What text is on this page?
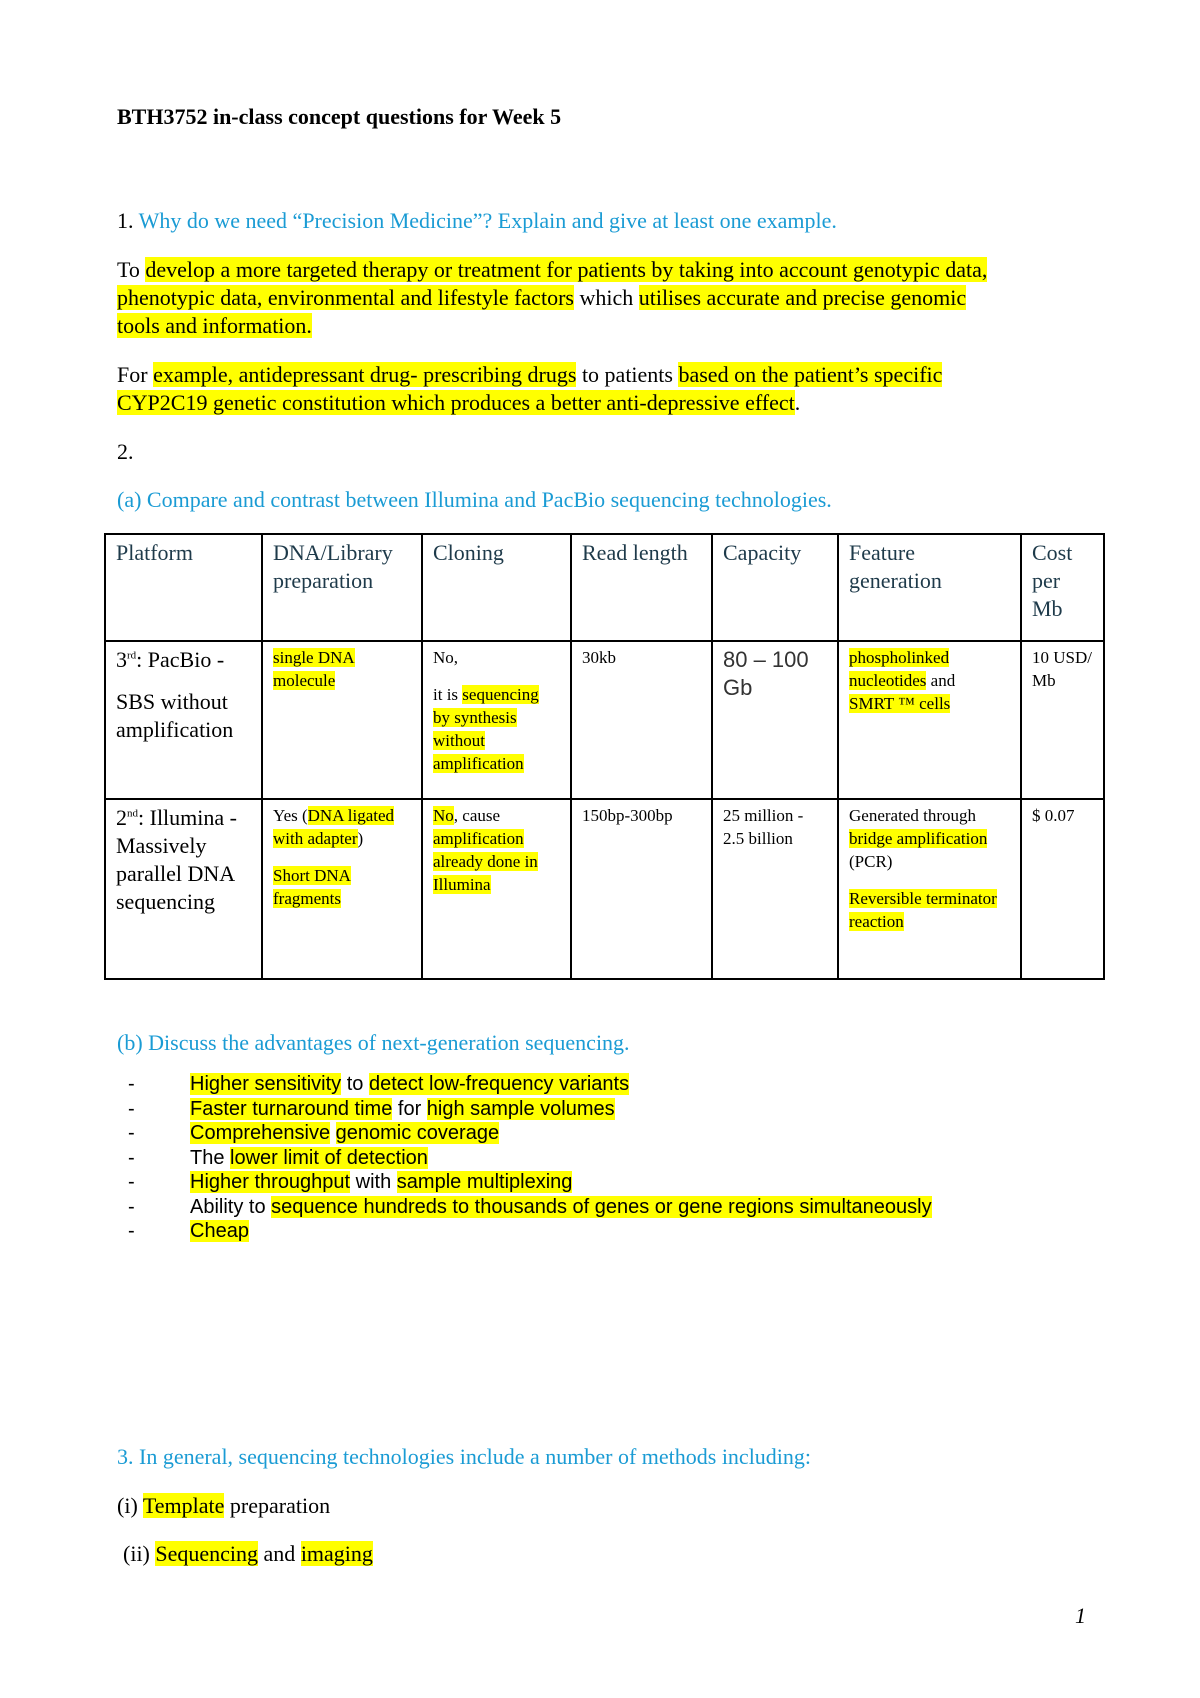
BTH3752 in-class concept questions for Week 5
1. Why do we need “Precision Medicine”? Explain and give at least one example.
To develop a more targeted therapy or treatment for patients by taking into account genotypic data,
phenotypic data, environmental and lifestyle factors which utilises accurate and precise genomic
tools and information.
For example, antidepressant drug- prescribing drugs to patients based on the patient’s specific
CYP2C19 genetic constitution which produces a better anti-depressive effect.
2.
(a) Compare and contrast between Illumina and PacBio sequencing technologies.
Platform	DNA/Library preparation	Cloning	Read length	Capacity	Feature generation	Cost per Mb
3rd: PacBio -
SBS without amplification	single DNA molecule	No,
it is sequencing by synthesis without amplification	30kb	80 – 100 Gb	phospholinked
nucleotides and
SMRT ™ cells	10 USD/ Mb
2nd: Illumina - Massively parallel DNA sequencing	Yes (DNA ligated with adapter)
Short DNA fragments	No, cause amplification already done in Illumina	150bp-300bp	25 million - 2.5 billion	Generated through
bridge amplification
(PCR)
Reversible terminator reaction	$ 0.07
(b) Discuss the advantages of next-generation sequencing.
-	Higher sensitivity to detect low-frequency variants
-	Faster turnaround time for high sample volumes
-	Comprehensive genomic coverage
-	The lower limit of detection
-	Higher throughput with sample multiplexing
-	Ability to sequence hundreds to thousands of genes or gene regions simultaneously
-	Cheap
3. In general, sequencing technologies include a number of methods including:
(i) Template preparation
(ii) Sequencing and imaging
1
